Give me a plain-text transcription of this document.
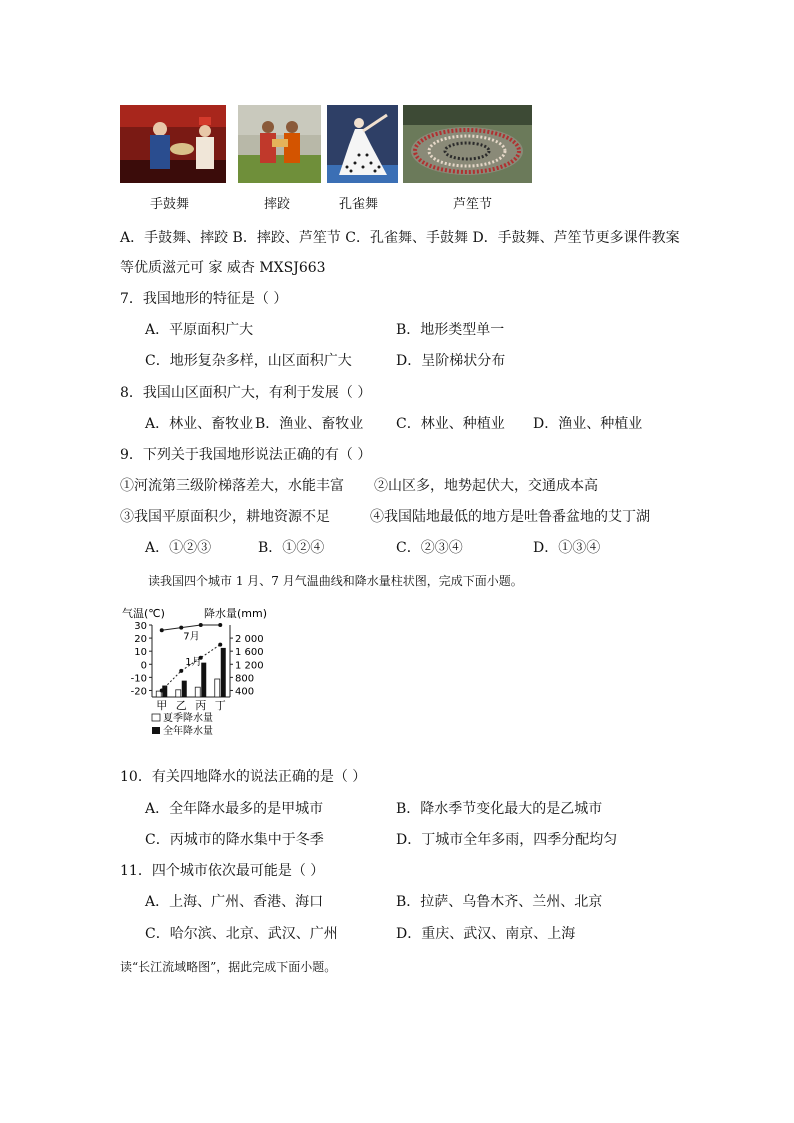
手鼓舞	摔跤	孔雀舞	芦笙节
A．手鼓舞、摔跤 B．摔跤、芦笙节 C．孔雀舞、手鼓舞 D．手鼓舞、芦笙节更多课件教案
等优质滋元可 家 威杏 MXSJ663
7．我国地形的特征是（ ）
A．平原面积广大	B．地形类型单一
C．地形复杂多样，山区面积广大	D．呈阶梯状分布
8．我国山区面积广大，有利于发展（ ）
A．林业、畜牧业 B．渔业、畜牧业 C．林业、种植业 D．渔业、种植业
9．下列关于我国地形说法正确的有（ ）
①河流第三级阶梯落差大，水能丰富 ②山区多，地势起伏大，交通成本高
③我国平原面积少，耕地资源不足	④我国陆地最低的地方是吐鲁番盆地的艾丁湖
A．①②③	B．①②④	C．②③④	D．①③④
读我国四个城市 1 月、7 月气温曲线和降水量柱状图，完成下面小题。
气温(℃)	降水量(mm)
30
20
10
0
-10
-20
2 000
1 600
1 200
800
400
甲 乙 丙 丁
7月
1月
夏季降水量
全年降水量
10．有关四地降水的说法正确的是（ ）
A．全年降水最多的是甲城市	B．降水季节变化最大的是乙城市
C．丙城市的降水集中于冬季	D．丁城市全年多雨，四季分配均匀
11．四个城市依次最可能是（ ）
A．上海、广州、香港、海口	B．拉萨、乌鲁木齐、兰州、北京
C．哈尔滨、北京、武汉、广州	D．重庆、武汉、南京、上海
读“长江流域略图”，据此完成下面小题。
